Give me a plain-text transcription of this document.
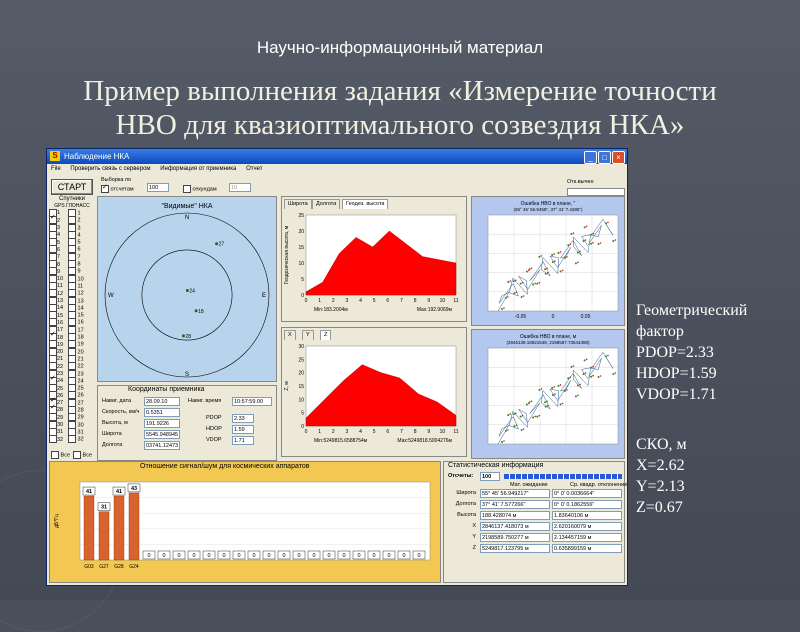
Научно-информационный материал
Пример выполнения задания «Измерение точности
НВО для квазиоптимального созвездия НКА»
Геометрический
фактор
PDOP=2.33
HDOP=1.59
VDOP=1.71
СКО, м
X=2.62
Y=2.13
Z=0.67
S Наблюдение НКА	_	□	×
File Проверить связь с сервером Информация от приемника Отчет
СТАРТ
Выборка по
✓ отсчетам	100	секундам	10
Отк.вычен
Спутники
GPS ГЛОНАСС
1	1
✓2	2
3	3
4	4
5	5
6	6
7	7
8	8
9	9
10 10
11 11
12 12
13 13
14 14
15 15
16 16
17 17
✓18 18
19 19
20 20
21 21
22 22
23 23
✓24 24
25 25
26 26
✓27 27
✓28 28
29 29
30 30
31 31
32 32
Все	Все
"Видимые" НКА
N
S
W	E
27
24
18
28
Координаты приемника
Навиг. дата	28.09.10
Скорость, км/ч	0.5351
Высота, м	191.9226
Широта	5545.948945
Долгота	03741.12473
Навиг. время	10:57:59.00
PDOP	2.33
HDOP	1.59
VDOP	1.71
Широта	Долгота	Геодез. высота
0
5
10
15
20
25
0 1 2 3 4 5 6 7 8 9 10 11
Геодезическая высота, м
Min:183.2004м	Max:192.9069м
X	Y	Z
0
5
10
15
20
25
30
0 1 2 3 4 5 6 7 8 9 10 11
Z, м
Min:5249815.6588754м	Max:5249818.5004276м
Ошибка НВО в плане, "
(55° 45' 56.9458", 37° 41' 7.4285")
-0.05	0	0.05
Ошибка НВО в плане, м
(2846139.16821548, 2198587.73544388)
Отношение сигнал/шум для космических аппаратов
дБ*Гц
41
G03
31
G27
41
G28
43
G24
0 0 0 0 0 0 0 0 0 0 0 0 0 0 0 0 0 0 0
Статистическая информация
Отсчеты:	100
Мат. ожидание	Ср. квадр. отклонение
Широта	55° 45' 56.949217"	0° 0' 0.0036664"
Долгота	37° 41' 7.577266"	0° 0' 0.1862556"
Высота	188.428074 м	1.83640106 м
X	2846137.418073 м	2.620160079 м
Y	2198589.750277 м	2.134457159 м
Z	5249817.123795 м	0.635899159 м
